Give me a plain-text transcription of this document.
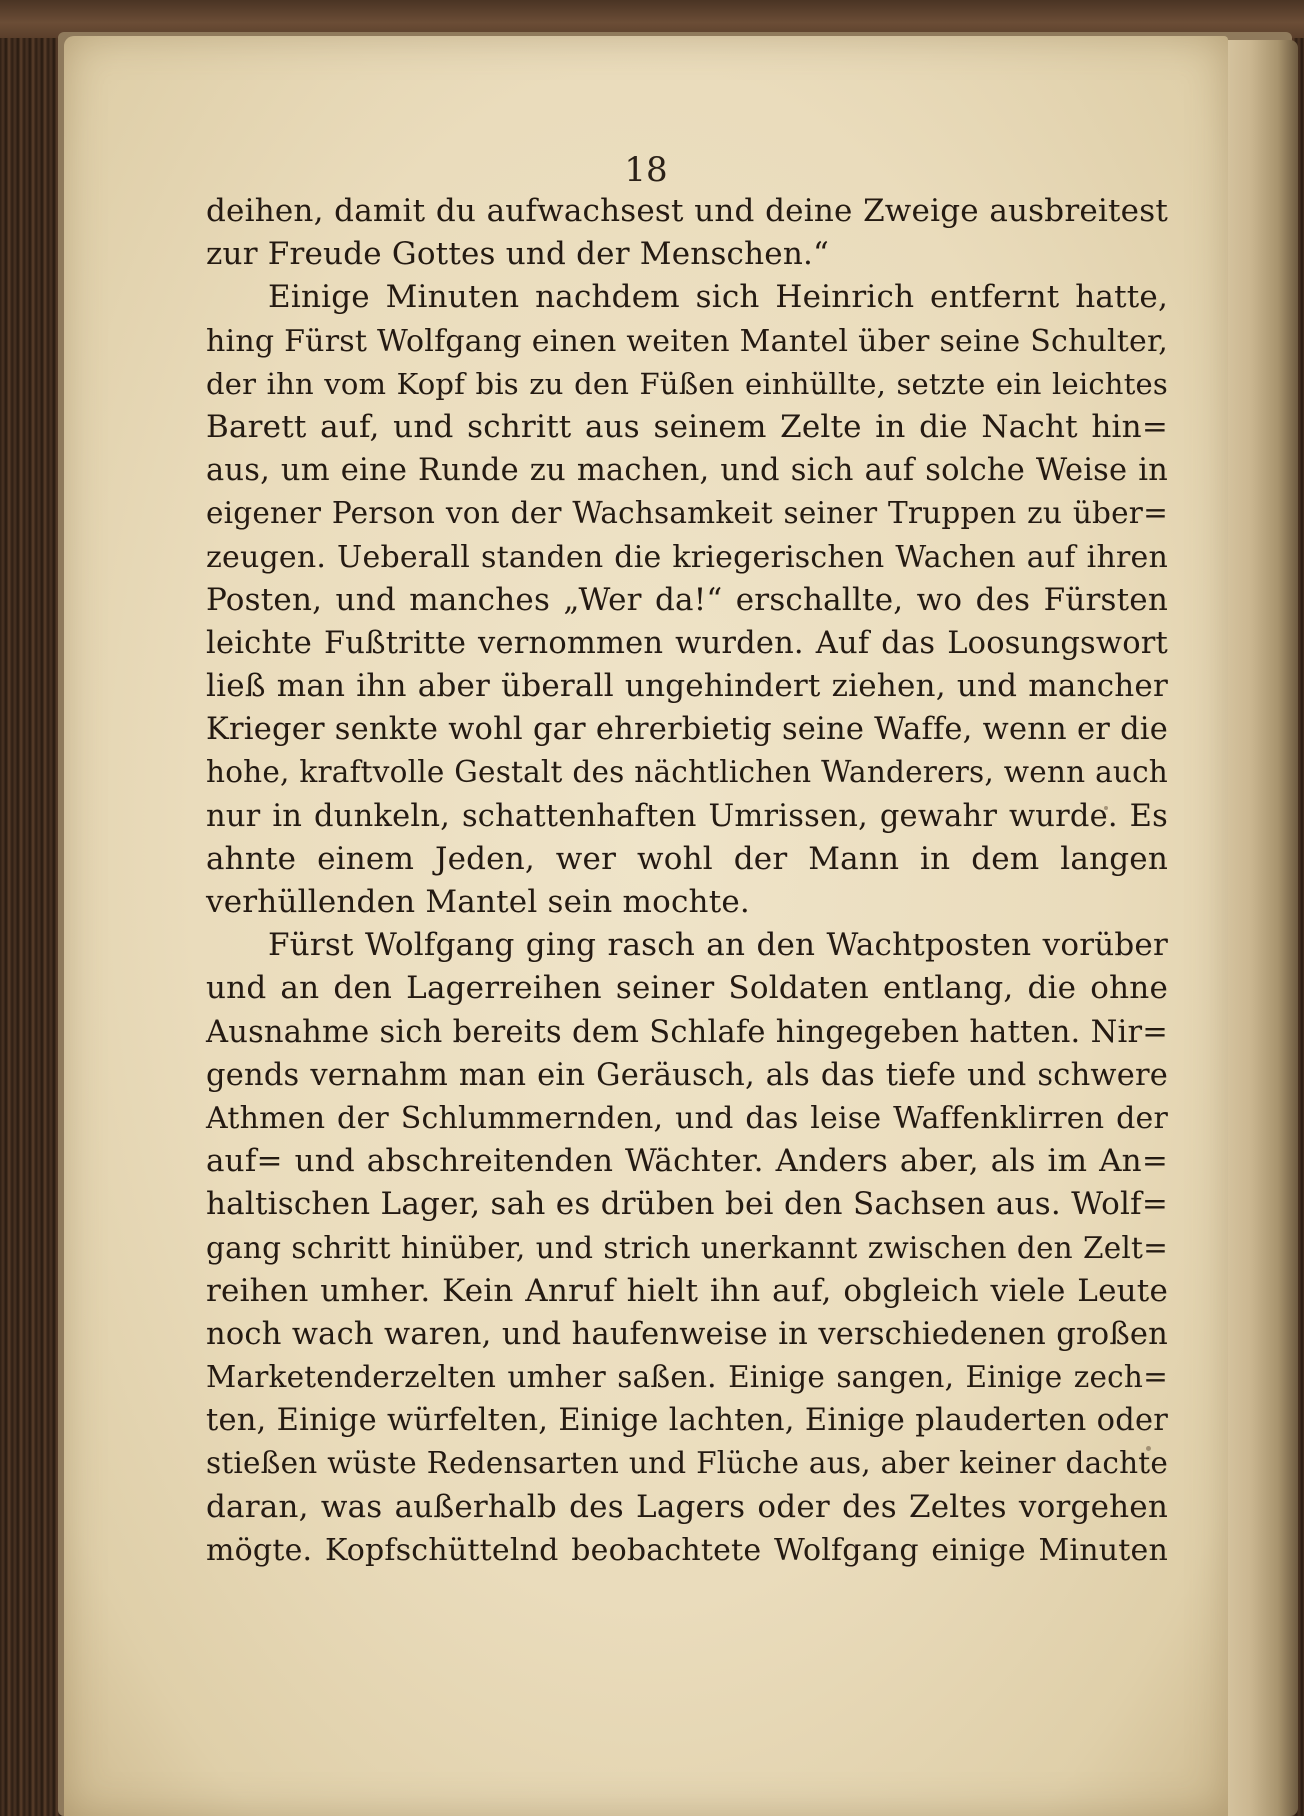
18
deihen, damit du aufwachsest und deine Zweige ausbreitest
zur Freude Gottes und der Menschen.“
Einige Minuten nachdem sich Heinrich entfernt hatte,
hing Fürst Wolfgang einen weiten Mantel über seine Schulter,
der ihn vom Kopf bis zu den Füßen einhüllte, setzte ein leichtes
Barett auf, und schritt aus seinem Zelte in die Nacht hin=
aus, um eine Runde zu machen, und sich auf solche Weise in
eigener Person von der Wachsamkeit seiner Truppen zu über=
zeugen. Ueberall standen die kriegerischen Wachen auf ihren
Posten, und manches „Wer da!“ erschallte, wo des Fürsten
leichte Fußtritte vernommen wurden. Auf das Loosungswort
ließ man ihn aber überall ungehindert ziehen, und mancher
Krieger senkte wohl gar ehrerbietig seine Waffe, wenn er die
hohe, kraftvolle Gestalt des nächtlichen Wanderers, wenn auch
nur in dunkeln, schattenhaften Umrissen, gewahr wurde. Es
ahnte einem Jeden, wer wohl der Mann in dem langen
verhüllenden Mantel sein mochte.
Fürst Wolfgang ging rasch an den Wachtposten vorüber
und an den Lagerreihen seiner Soldaten entlang, die ohne
Ausnahme sich bereits dem Schlafe hingegeben hatten. Nir=
gends vernahm man ein Geräusch, als das tiefe und schwere
Athmen der Schlummernden, und das leise Waffenklirren der
auf= und abschreitenden Wächter. Anders aber, als im An=
haltischen Lager, sah es drüben bei den Sachsen aus. Wolf=
gang schritt hinüber, und strich unerkannt zwischen den Zelt=
reihen umher. Kein Anruf hielt ihn auf, obgleich viele Leute
noch wach waren, und haufenweise in verschiedenen großen
Marketenderzelten umher saßen. Einige sangen, Einige zech=
ten, Einige würfelten, Einige lachten, Einige plauderten oder
stießen wüste Redensarten und Flüche aus, aber keiner dachte
daran, was außerhalb des Lagers oder des Zeltes vorgehen
mögte. Kopfschüttelnd beobachtete Wolfgang einige Minuten
